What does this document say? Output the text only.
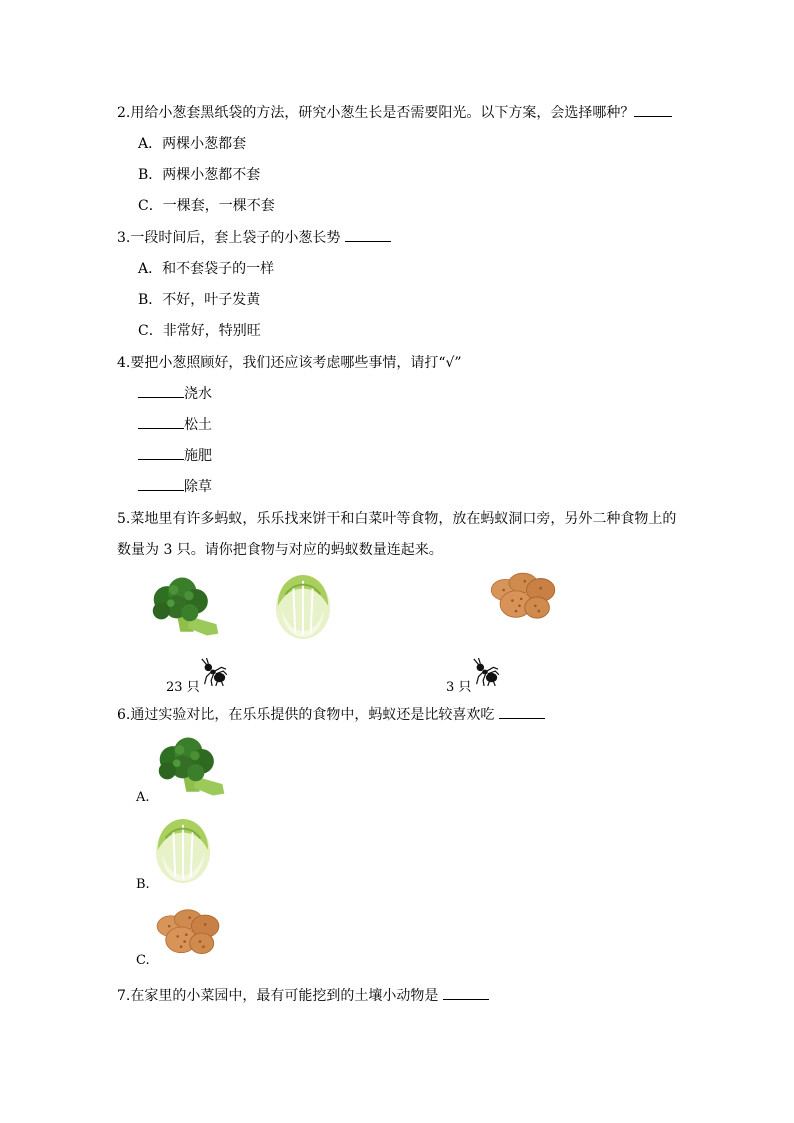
2.用给小葱套黑纸袋的方法，研究小葱生长是否需要阳光。以下方案，会选择哪种？
A．两棵小葱都套
B．两棵小葱都不套
C．一棵套，一棵不套
3.一段时间后，套上袋子的小葱长势
A．和不套袋子的一样
B．不好，叶子发黄
C．非常好，特别旺
4.要把小葱照顾好，我们还应该考虑哪些事情，请打“√”
浇水
松土
施肥
除草
5.菜地里有许多蚂蚁，乐乐找来饼干和白菜叶等食物，放在蚂蚁洞口旁，另外二种食物上的
数量为 3 只。请你把食物与对应的蚂蚁数量连起来。
23 只	3 只
6.通过实验对比，在乐乐提供的食物中，蚂蚁还是比较喜欢吃
A.
B.
C.
7.在家里的小菜园中，最有可能挖到的土壤小动物是
